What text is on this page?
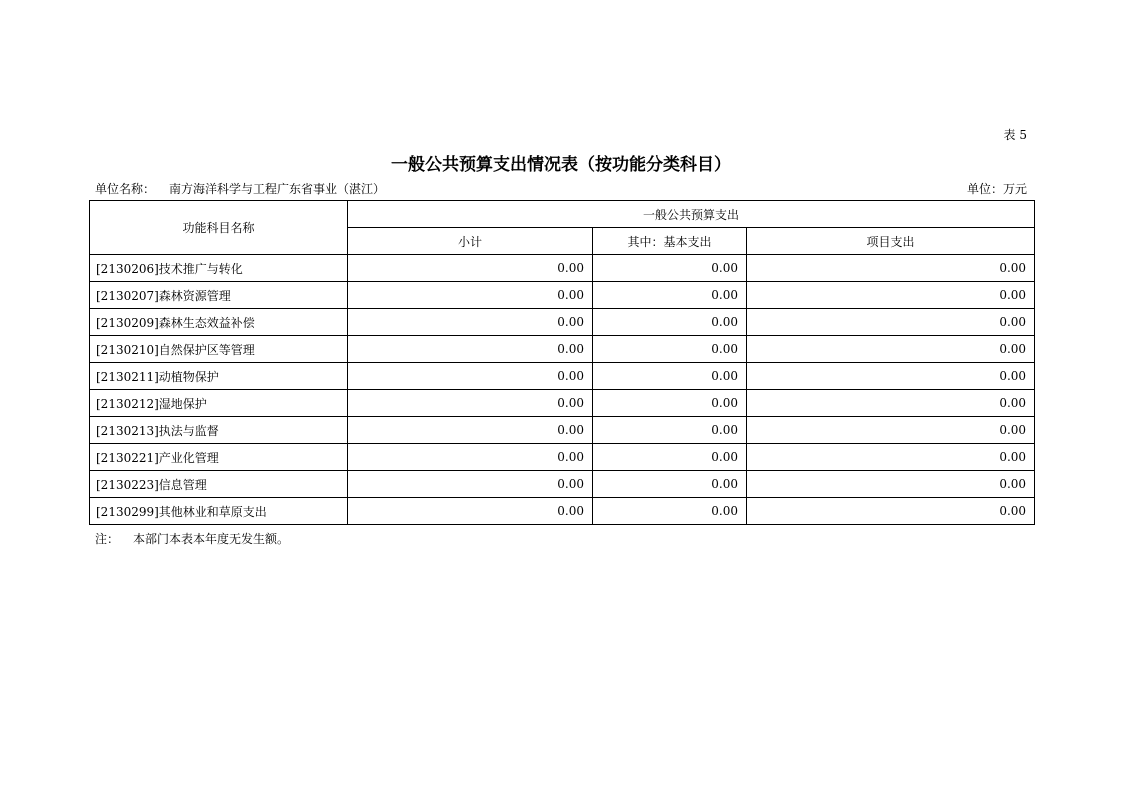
表 5
一般公共预算支出情况表（按功能分类科目）
单位名称： 南方海洋科学与工程广东省事业（湛江）	单位：万元
功能科目名称	一般公共预算支出		
	小计	其中：基本支出	项目支出
[2130206]技术推广与转化	0.00	0.00	0.00
[2130207]森林资源管理	0.00	0.00	0.00
[2130209]森林生态效益补偿	0.00	0.00	0.00
[2130210]自然保护区等管理	0.00	0.00	0.00
[2130211]动植物保护	0.00	0.00	0.00
[2130212]湿地保护	0.00	0.00	0.00
[2130213]执法与监督	0.00	0.00	0.00
[2130221]产业化管理	0.00	0.00	0.00
[2130223]信息管理	0.00	0.00	0.00
[2130299]其他林业和草原支出	0.00	0.00	0.00
注： 本部门本表本年度无发生额。
